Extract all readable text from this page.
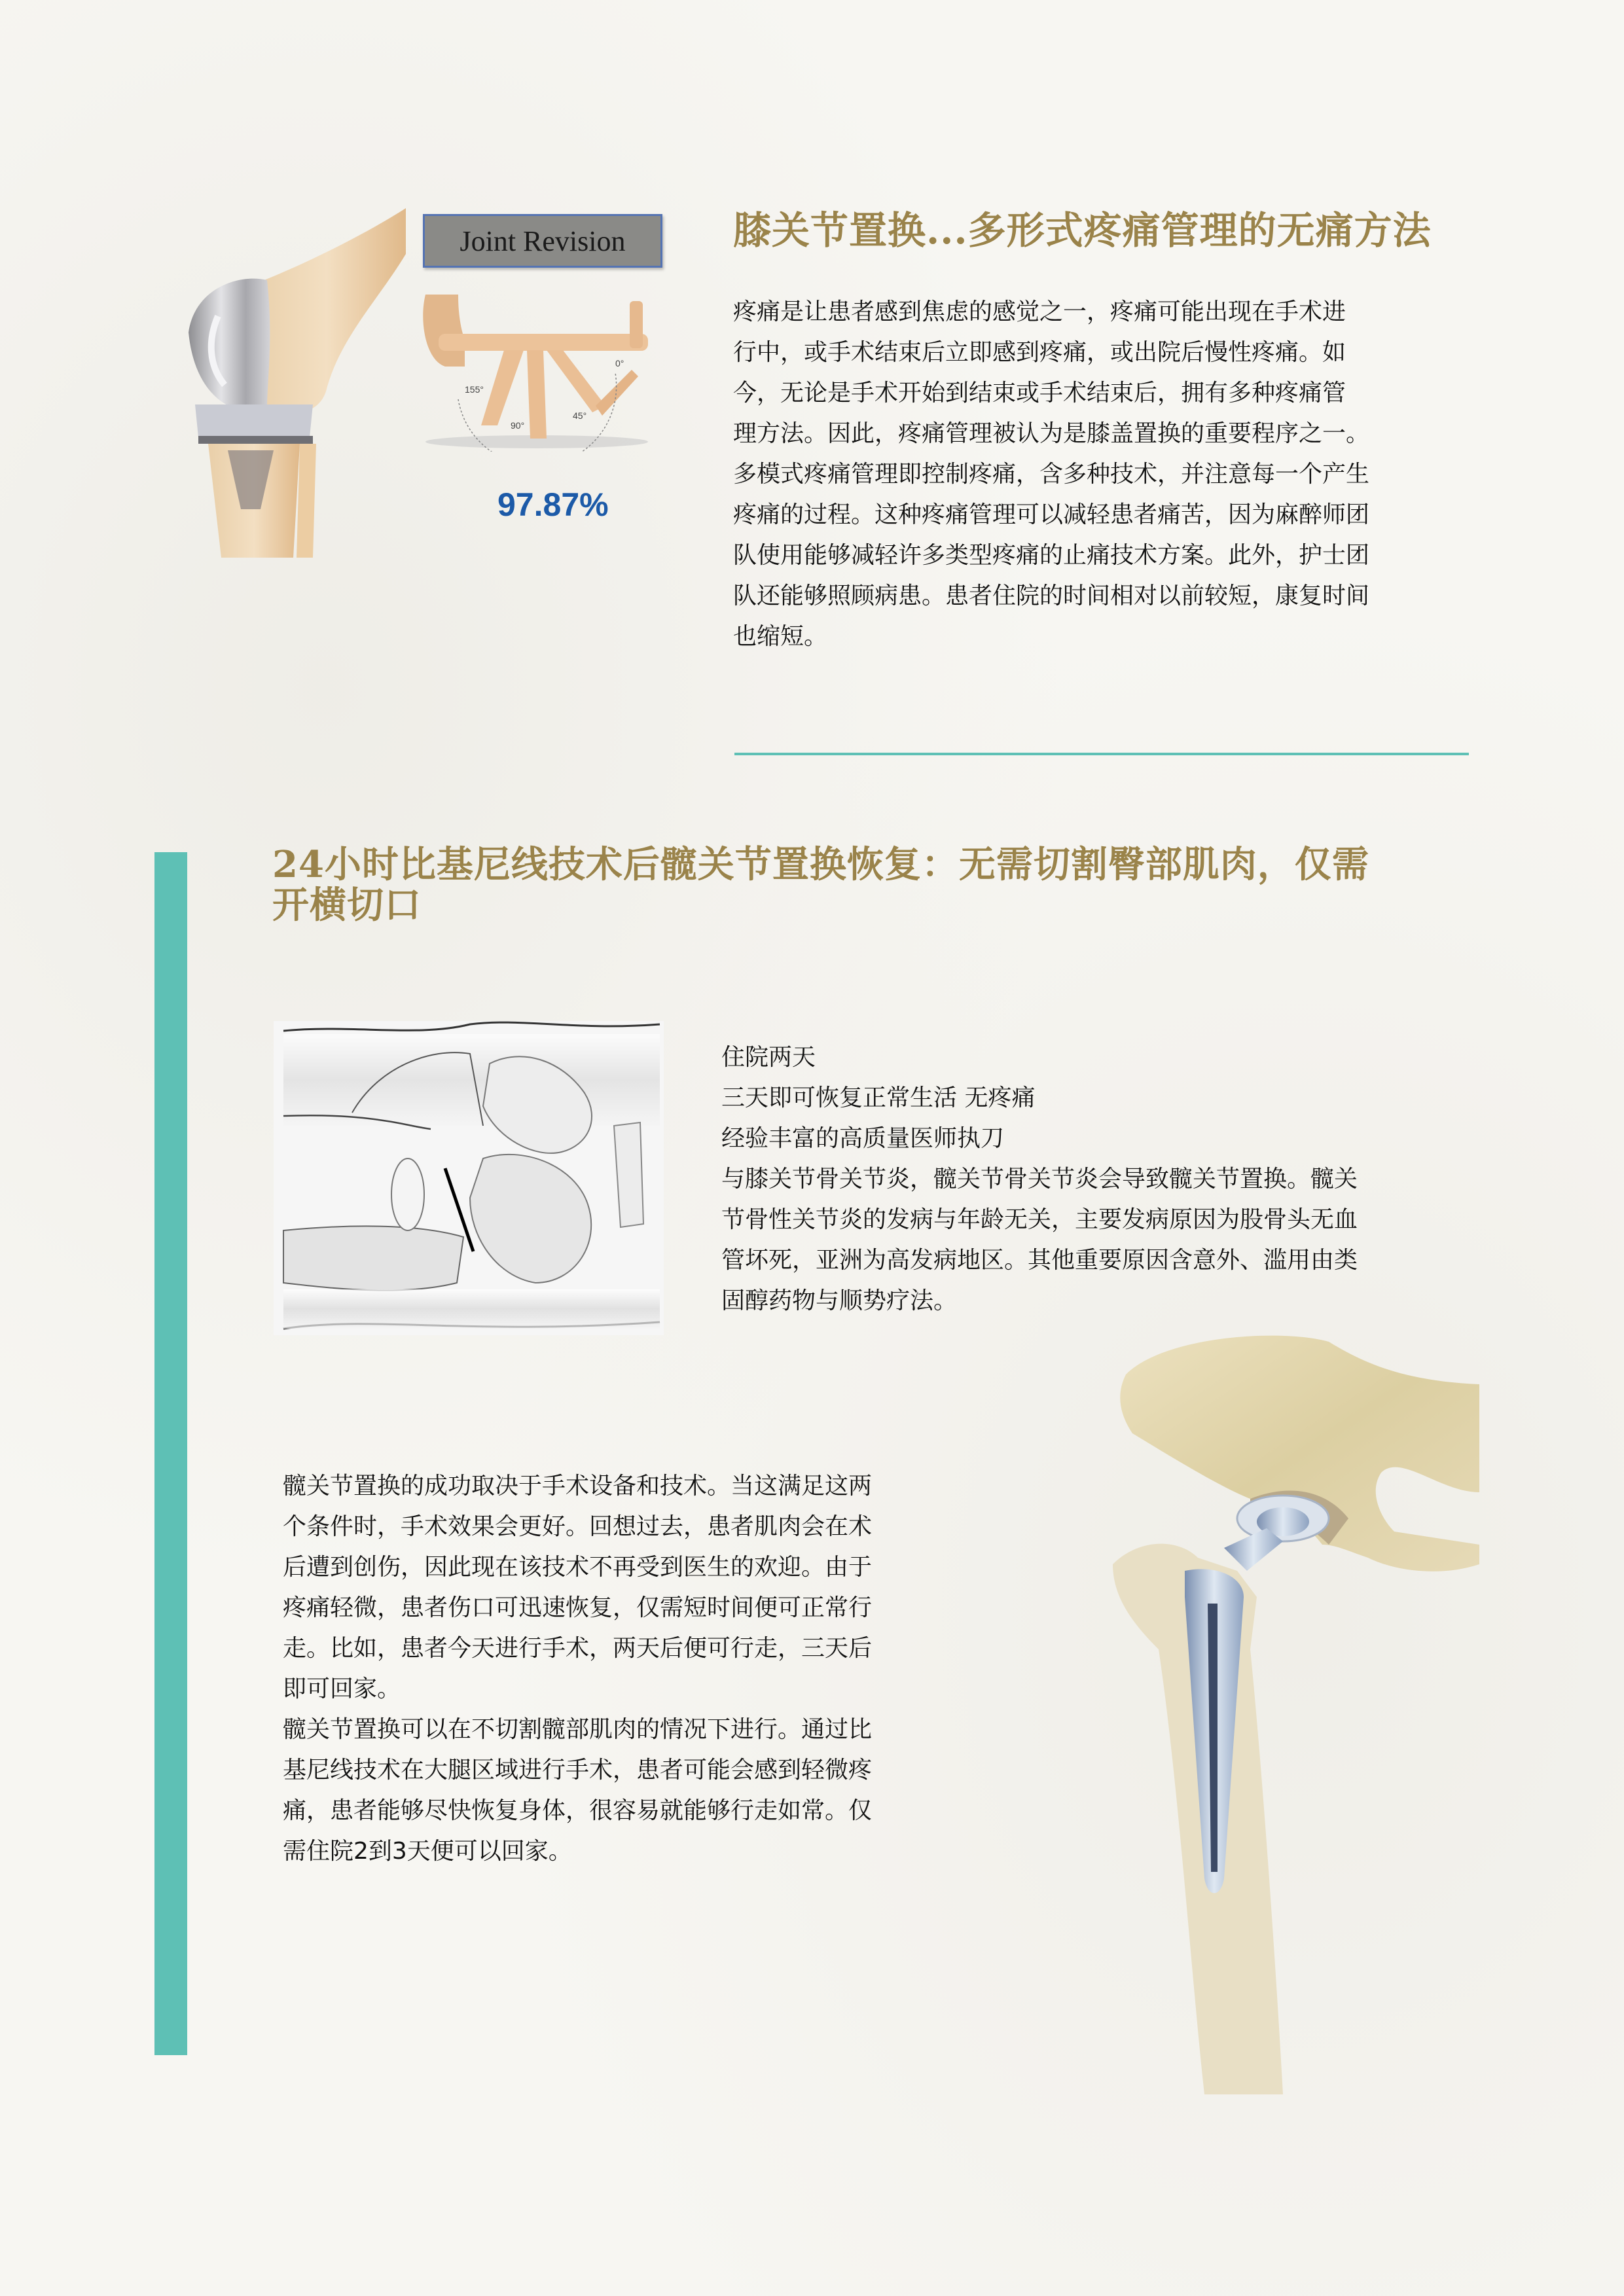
Joint Revision
155°
90°
45°
0°
97.87%
膝关节置换...多形式疼痛管理的无痛方法

疼痛是让患者感到焦虑的感觉之一，疼痛可能出现在手术进

行中，或手术结束后立即感到疼痛，或出院后慢性疼痛。如

今，无论是手术开始到结束或手术结束后，拥有多种疼痛管

理方法。因此，疼痛管理被认为是膝盖置换的重要程序之一。

多模式疼痛管理即控制疼痛，含多种技术，并注意每一个产生

疼痛的过程。这种疼痛管理可以减轻患者痛苦，因为麻醉师团

队使用能够减轻许多类型疼痛的止痛技术方案。此外，护士团

队还能够照顾病患。患者住院的时间相对以前较短，康复时间

也缩短。

24小时比基尼线技术后髋关节置换恢复：无需切割臀部肌肉，仅需
开横切口

住院两天

三天即可恢复正常生活 无疼痛

经验丰富的高质量医师执刀

与膝关节骨关节炎，髋关节骨关节炎会导致髋关节置换。髋关

节骨性关节炎的发病与年龄无关，主要发病原因为股骨头无血

管坏死，亚洲为高发病地区。其他重要原因含意外、滥用由类

固醇药物与顺势疗法。

髋关节置换的成功取决于手术设备和技术。当这满足这两

个条件时，手术效果会更好。回想过去，患者肌肉会在术

后遭到创伤，因此现在该技术不再受到医生的欢迎。由于

疼痛轻微，患者伤口可迅速恢复，仅需短时间便可正常行

走。比如，患者今天进行手术，两天后便可行走，三天后

即可回家。

髋关节置换可以在不切割髋部肌肉的情况下进行。通过比

基尼线技术在大腿区域进行手术，患者可能会感到轻微疼

痛，患者能够尽快恢复身体，很容易就能够行走如常。仅

需住院2到3天便可以回家。
